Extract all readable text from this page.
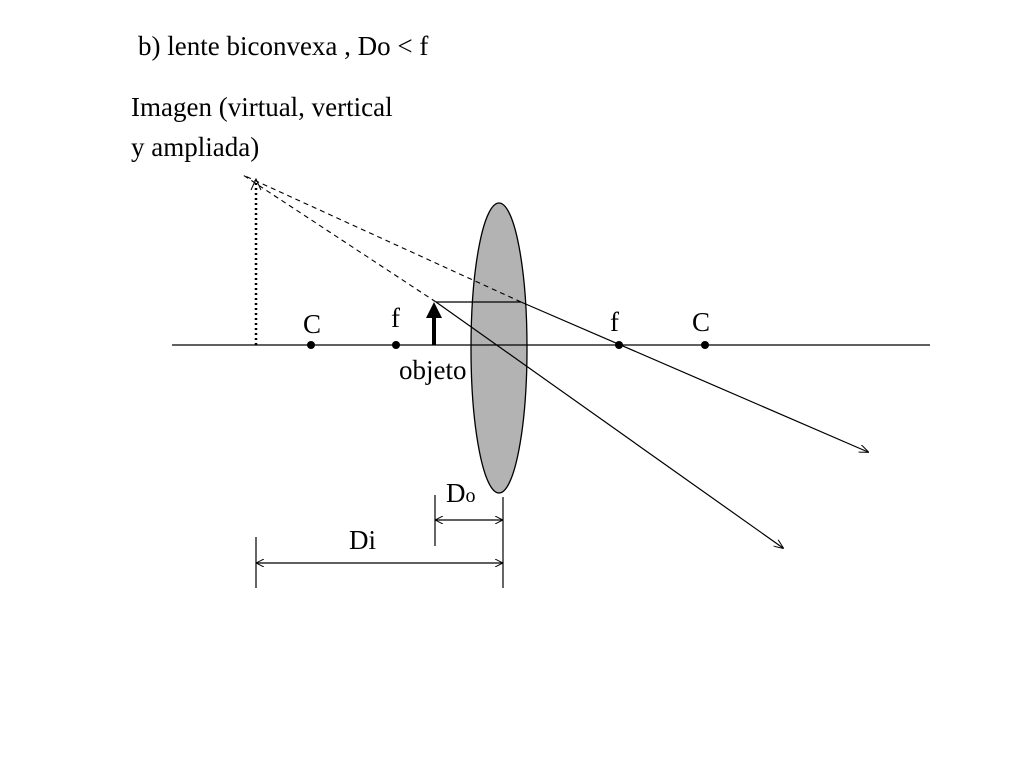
b) lente biconvexa , Do < f
Imagen (virtual, vertical
y ampliada)
C	f	f	C
objeto
Do
Di
